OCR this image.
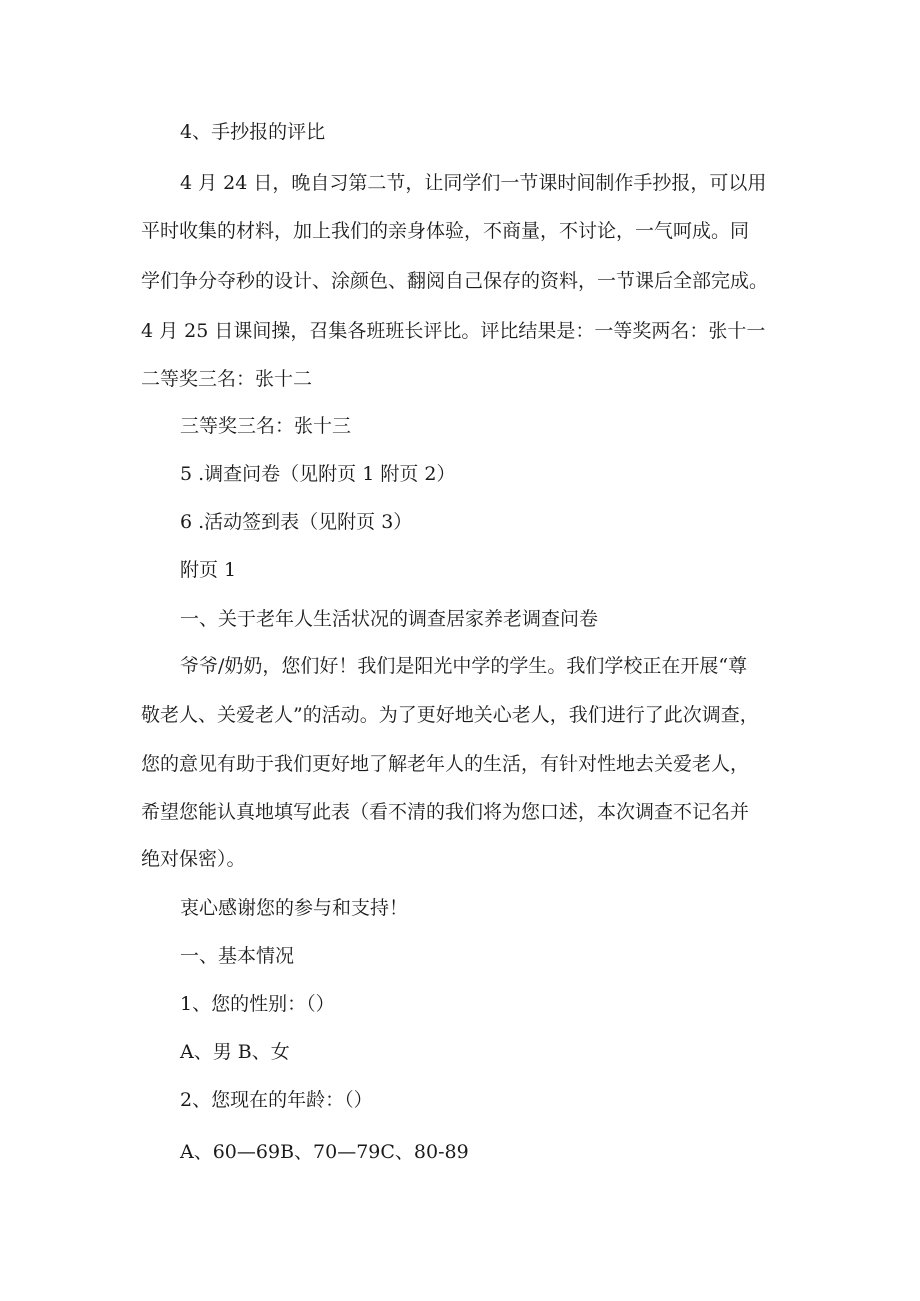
4、手抄报的评比
4 月 24 日，晚自习第二节，让同学们一节课时间制作手抄报，可以用
平时收集的材料，加上我们的亲身体验，不商量，不讨论，一气呵成。同
学们争分夺秒的设计、涂颜色、翻阅自己保存的资料，一节课后全部完成。
4 月 25 日课间操，召集各班班长评比。评比结果是：一等奖两名：张十一
二等奖三名：张十二
三等奖三名：张十三
5 .调查问卷（见附页 1 附页 2）
6 .活动签到表（见附页 3）
附页 1
一、关于老年人生活状况的调查居家养老调查问卷
爷爷/奶奶，您们好！我们是阳光中学的学生。我们学校正在开展“尊
敬老人、关爱老人”的活动。为了更好地关心老人，我们进行了此次调查，
您的意见有助于我们更好地了解老年人的生活，有针对性地去关爱老人，
希望您能认真地填写此表（看不清的我们将为您口述，本次调查不记名并
绝对保密）。
衷心感谢您的参与和支持！
一、基本情况
1、您的性别：（）
A、男 B、女
2、您现在的年龄：（）
A、60—69B、70—79C、80-89
